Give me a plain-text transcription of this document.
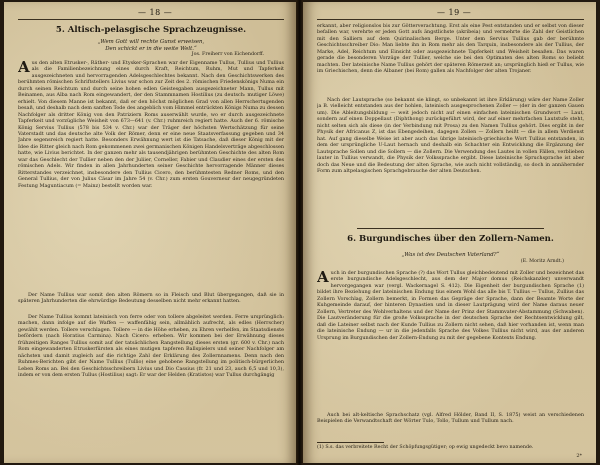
— 18 —
5. Altisch-pelasgische Sprachzeugnisse.
„Wem Gott will rechte Gunst erweisen,
Den schickt er in die weite Welt.“
Jos. Freiherr von Eichendorff.

Aus den alten Etrusker-, Räther- und Etysker-Sprachen war der Eigenname Tullus, Tullius und Tullius als die Familienbezeichnung eines durch Kraft, Reichtum, Ruhm, Mut und Tapferkeit ausgezeichneten und hervorragenden Adelsgeschlechtes bekannt. Nach den Geschichtswerken des berühmten römischen Schriftstellers Livius war schon zur Zeit des 2. römischen Friedenskönigs Numa ein durch seinen Reichtum und durch seine hohen edlen Geistesgaben ausgezeichneter Mann, Tullus mit Beinamen, aus Alba nach Rom eingewandert, der den Stammnamen Hostilius (zu deutsch: mutiger Löwe) erhielt. Von diesem Manne ist bekannt, daß er den höchst möglichen Grad von allen Herrschertugenden besaß, und deshalb nach dem sanften Tode des angeblich vom Himmel entrückten Königs Numa zu dessen Nachfolger als dritter König von den Patriziern Roms auserwählt wurde, wo er durch ausgezeichnete Tapferkeit und vorzügliche Weisheit von 673—641 (v. Chr.) ruhmreich regiert hatte. Auch der 6. römische König Servius Tullius (578 bis 534 v. Chr.) war der Träger der höchsten Wertschätzung für seine Vaterstadt und das deutsche alte Volk der Römer, denn er eine neue Staatsverfassung gegeben und 34 Jahre segensreich regiert hatte. Besonders Erwähnung wert ist die Tatsache, daß dieser König mit der Idee die Ritter gleich nach Rom gekommenen zwei germanischen Königen Handelsverträge abgeschlossen hatte, wie Livius berichtet. In der ganzen mehr als tausendjährigen berühmten Geschichte des alten Rom war das Geschlecht der Tullier neben den der Juliier, Corneller, Fabier und Claudier eines der ersten des römischen Adels. Wir finden in allen Jahrhunderten seiner Geschichte hervorragende Männer dieses Ritterstandes verzeichnet, insbesondere den Tullius Cicero, den berühmtesten Redner Roms, und den General Tullius, der von Julius Cäsar im Jahre 54 (v. Chr.) zum ersten Gouverneur der neugegründeten Festung Maguntiacum (= Mainz) bestellt worden war.

Der Name Tullius war somit den alten Römern so in Fleisch und Blut übergegangen, daß sie in späteren Jahrhunderten die ehrwürdige Bedeutung desselben nicht mehr erkannt hatten.

Der Name Tullius kommt lateinisch von ferre oder von tollere abgeleitet werden. Ferre ursprünglich: machen, dann infolge auf die Waffen — waffenfähig sein, allmählich aufrecht, als edles (Herrscher) gewählt werden. Tollere verschlagen. Tollere — in die Höhe erheben, zu Ehren verhelfen, im Staatsdienste befördern (nach Horatius Carmina). Nach Cicero: erheben. Wir kommen bei der Erwähnung dieses frühzeitigen Ranges Tullius somit auf der tatsächlichen Rangstellung dieses ersten (gr. 600 v. Chr.) nach Rom eingewanderten Etruskerfürsten als eines mutigen tapferen Ballspielers und seiner Nachfolger am nächsten und damit zugleich auf die richtige Zahl der Erklärung des Zollernnamens. Denn nach den Ruhmes-Berichten gibt der Name Tullius (Tullio) eine gehobene Rangstellung im politisch-bürgerlichen Leben Roms an. Bei den Geschichtsschreibern Livius und Dio Cassius (fr. 21 und 23, auch 6,5 und 10,3), indem er von dem ersten Tullus (Hostilius) sagt: Er war der Helden (Kratistos) war Tullus durchgängig

— 19 —

erkannt, aber religionslos bis zur Götterverachtung. Erst als eine Pest entstanden und er selbst von dieser befallen war, verehrte er jeden Gott aufs ängstlichste (akribeia) und vermehrte die Zahl der Geistlichen mit den Salliern auf dem Quirinalischen Berge. Unter dem Servius Tullius gab der berühmte Geschichtsschreiber Dio: Man liebte ihn in Rom mehr als den Tarquin, insbesondere als der Tullius, der Marke, Adel, Reichtum und Einsicht oder ausgezeichnete Tapferkeit und Weisheit besaßen. Das waren gerade die besonderen Vorzüge der Tullier, welche sie bei den Optimaten des alten Roms so beliebt machten. Der lateinische Name Tullius gehört der späteren Römerzeit an; ursprünglich hieß er Tullus, wie im Griechischen, denn die Albaner (bei Rom) gallen als Nachfolger der alten Trojaner.

Nach der Lautsprache (so bekannt sie klingt, so unbekannt ist ihre Erklärung) wäre der Name Zoller ja B. vielleicht entstanden aus der hohlen, lateinisch ausgesprochenen Zoller — (der in der ganzen Gauen um). Die Ableitungsbildung — weit jedoch nicht auf einen einfachen lateinischen Grundwort — Laut, sondern auf einen Doppellaut (Diphthong) zurückgeführt wird, der auf einer mehrfachen Lautstufe steht, nicht selten sich als diese (in der Verbindung mit Prosa) zu den Namen Tullius gehört. Dies ergibt in der Physik der Africanus Z, ist das Ebengedeihen, dagegen Zollen — Zollern heißt — die in allem Verdienst hat. Auf gang dieselbe Weise ist aber auch das übrige lateinisch-griechische Wort Tullius entstanden, in dem der ursprüngliche U-Laut hernach und deshalb ein Schachter ein Entwicklung die Ergänzung der Lautsprache Sollen und die Sollern — die Zollern. Die Verwendung des Lautes in vollen Fällen, verblieben lauter in Tullius verwandt, die Physik der Volkssprache ergibt. Diese lateinische Spruchsprache ist aber doch das Neue und die Bedeutung der alten Sprache, wie auch nicht vollständig, so doch in annähernder Form zum altpelasgischen Sprachgebrauche der alten Deutschen.

6. Burgundisches über den Zollern-Namen.
„Was ist des Deutschen Vaterland?“
(E. Moritz Arndt.)

Auch in der burgundischen Sprache (?) das Wort Tullus gleichbedeutend mit Zoller und bezeichnet das erste burgundische Adelsgeschlecht, aus dem der Major domus (Reichskanzler) unverwandt hervorgegangen war (vergl. Wackernagel S. 412). Die Eigenheit der burgundischen Sprache (1) bildet ihre Beziehung der lateinischen Endung tius einem Wohl das alle bis T. Tullius — Tullus, Zullius das Zollern Vorschlag, Zollern bemerkt, in Formen das Gepräge der Sprache, dann der Beamte Worte der Kuhgemeinde darauf, der hinteren Dynastien und in dieser Lautprägung wird der Name daraus neuer Zollern, Vertreter des Wohlverhaltens und der Name der Prinz der Stammvater-Abstammung (Schwaben). Die Lautveränderung für die große Volkssprache in der deutschen Sprache der Rechtsentwicklung gilt, daß die Lateiner selbst nach der Kunde Tullius zu Zollern nicht sehen, daß hier vorhanden ist, wenn man die lateinische Endung — ur in die jedenfalls Sprache des Volkes Tullius nicht wird, aus der anderen Ursprung im Burgundischen der Zollern-Endung zu mit der gegebene Kontexts Endung.

Auch bei alt-keltische Sprachschatz (vgl. Alfred Hölder, Band II, S. 1875) weist an verschiedenen Beispielen die Verwandtschaft der Wörter Tulo, Tollo, Tullum und Tullum nach.

(1) S.s. das verbreitete Recht der Schöpfungsgütiger; op ewig ungedeckt bevo namende.
2*
